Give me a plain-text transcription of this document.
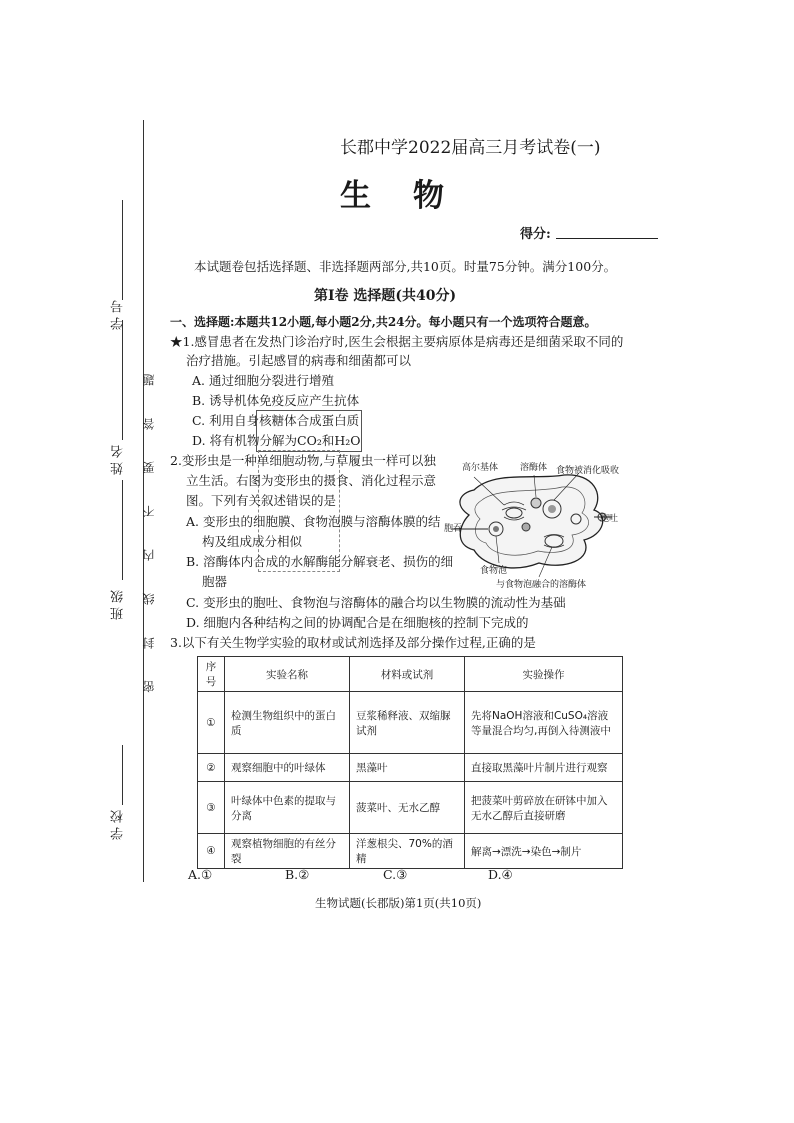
学 校
班 级
姓 名
学 号
密 封 线 内 不 要 答 题
长郡中学2022届高三月考试卷(一)
生物
得分:
本试题卷包括选择题、非选择题两部分,共10页。时量75分钟。满分100分。
第Ⅰ卷 选择题(共40分)
一、选择题:本题共12小题,每小题2分,共24分。每小题只有一个选项符合题意。
★1.感冒患者在发热门诊治疗时,医生会根据主要病原体是病毒还是细菌采取不同的
治疗措施。引起感冒的病毒和细菌都可以
A. 通过细胞分裂进行增殖
B. 诱导机体免疫反应产生抗体
C. 利用自身核糖体合成蛋白质
D. 将有机物分解为CO₂和H₂O
2.变形虫是一种单细胞动物,与草履虫一样可以独
立生活。右图为变形虫的摄食、消化过程示意
图。下列有关叙述错误的是
A. 变形虫的细胞膜、食物泡膜与溶酶体膜的结
构及组成成分相似
B. 溶酶体内合成的水解酶能分解衰老、损伤的细
胞器
C. 变形虫的胞吐、食物泡与溶酶体的融合均以生物膜的流动性为基础
D. 细胞内各种结构之间的协调配合是在细胞核的控制下完成的
高尔基体 溶酶体 食物被消化吸收
胞吐
胞吞
食物泡
与食物泡融合的溶酶体
3.以下有关生物学实验的取材或试剂选择及部分操作过程,正确的是
序号	实验名称	材料或试剂	实验操作
①	检测生物组织中的蛋白质	豆浆稀释液、双缩脲试剂	先将NaOH溶液和CuSO₄溶液等量混合均匀,再倒入待测液中
②	观察细胞中的叶绿体	黑藻叶	直接取黑藻叶片制片进行观察
③	叶绿体中色素的提取与分离	菠菜叶、无水乙醇	把菠菜叶剪碎放在研钵中加入无水乙醇后直接研磨
④	观察植物细胞的有丝分裂	洋葱根尖、70%的酒精	解离→漂洗→染色→制片
A.①	B.②	C.③	D.④
生物试题(长郡版)第1页(共10页)
